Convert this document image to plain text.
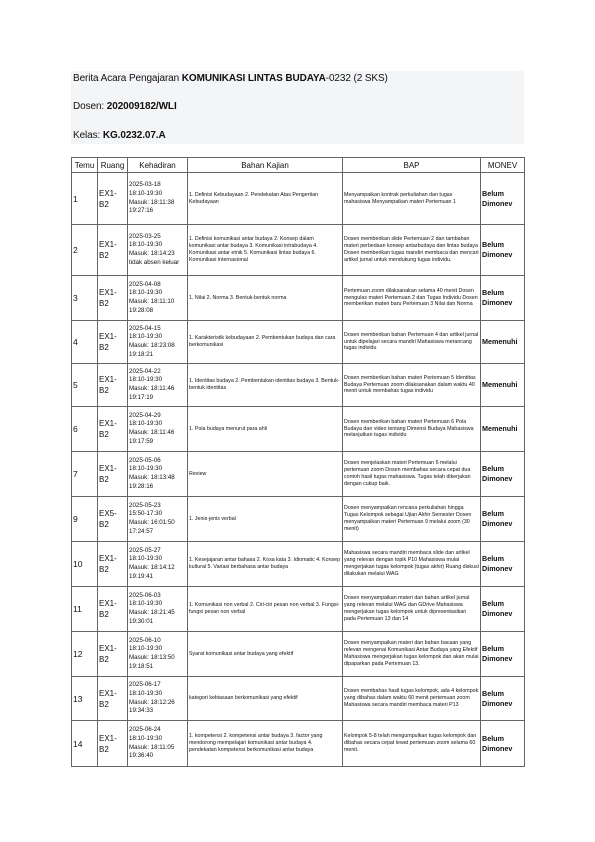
Berita Acara Pengajaran KOMUNIKASI LINTAS BUDAYA-0232 (2 SKS)
Dosen: 202009182/WLI
Kelas: KG.0232.07.A
Temu	Ruang	Kehadiran	Bahan Kajian	BAP	MONEV
1	EX1-B2	2025-03-18
18:10-19:30
Masuk: 18:11:38
19:27:16	1. Definisi Kebudayaan 2. Pendekatan Atas Pengertian Kebudayaan	Menyampaikan kontrak perkuliahan dan tugas mahasiswa Menyampaikan materi Pertemuan 1	Belum Dimonev
2	EX1-B2	2025-03-25
18:10-19:30
Masuk: 18:14:23
tidak absen keluar	1. Definisi komunikasi antar budaya 2. Konsep dalam komunikasi antar budaya 3. Komunikasi intrabudaya 4. Komunikasi antar etnik 5. Komunikasi lintas budaya 6. Komunikasi internasional	Dosen memberikan slide Pertemuan 2 dan tambahan materi perbedaan konsep antarbudaya dan lintas budaya Dosen memberikan tugas mandiri membaca dan mencari artikel jurnal untuk mendukung tugas individu.	Belum Dimonev
3	EX1-B2	2025-04-08
18:10-19:30
Masuk: 18:11:10
19:28:08	1. Nilai 2. Norma 3. Bentuk-bentuk norma	Pertemuan zoom dilaksanakan selama 40 menit Dosen mengulas materi Pertemuan 2 dan Tugas Individu Dosen memberikan materi baru Pertemuan 3 Nilai dan Norma	Belum Dimonev
4	EX1-B2	2025-04-15
18:10-19:30
Masuk: 18:23:08
19:18:21	1. Karakteristik kebudayaan 2. Pembentukan budaya dan cara berkomunikasi	Dosen memberikan bahan Pertemuan 4 dan artikel jurnal untuk dipelajari secara mandiri Mahasiswa merancang tugas individu	Memenuhi
5	EX1-B2	2025-04-22
18:10-19:30
Masuk: 18:11:46
19:17:19	1. Identitas budaya 2. Pembentukan identitas budaya 3. Bentuk-bentuk identitas	Dosen memberikan bahan materi Pertemuan 5 Identitas Budaya Pertemuan zoom dilaksanakan dalam waktu 40 menit untuk membahas tugas individu	Memenuhi
6	EX1-B2	2025-04-29
18:10-19:30
Masuk: 18:11:46
19:17:59	1. Pola budaya menurut para ahli	Dosen memberikan bahan materi Pertemuan 6 Pola Budaya dan video tentang Dimensi Budaya Mahasiswa melanjutkan tugas individu	Memenuhi
7	EX1-B2	2025-05-06
18:10-19:30
Masuk: 18:13:48
19:28:16	Review	Dosen menjelaskan materi Pertemuan 6 melalui pertemuan zoom Dosen membahas secara cepat dua contoh hasil tugas mahasiswa. Tugas telah dikerjakan dengan cukup baik.	Belum Dimonev
9	EX5-B2	2025-05-23
15:50-17:30
Masuk: 16:01:50
17:24:57	1. Jenis-jenis verbal	Dosen menyampaikan rencana perkuliahan hingga Tugas Kelompok sebagai Ujian Akhir Semester Dosen menyampaikan materi Pertemuan 9 melalui zoom (30 menit)	Belum Dimonev
10	EX1-B2	2025-05-27
18:10-19:30
Masuk: 18:14:12
19:19:41	1. Kesejajaran antar bahasa 2. Kosa kata 3. Idiomatic 4. Konsep kultural 5. Variasi berbahasa antar budaya	Mahasiswa secara mandiri membaca slide dan artikel yang relevan dengan topik P10 Mahasiswa mulai mengerjakan tugas kelompok (tugas akhir) Ruang diskusi dilakukan melalui WAG	Belum Dimonev
11	EX1-B2	2025-06-03
18:10-19:30
Masuk: 18:21:45
19:30:01	1. Komunikasi non verbal 2. Ciri-ciri pesan non verbal 3. Fungsi-fungsi pesan non verbal	Dosen menyampaikan materi dan bahan artikel jurnal yang relevan melalui WAG dan GDrive Mahasiswa mengerjakan tugas kelompok untuk dipresentasikan pada Pertemuan 13 dan 14	Belum Dimonev
12	EX1-B2	2025-06-10
18:10-19:30
Masuk: 18:13:50
19:18:51	Syarat komunikasi antar budaya yang efektif	Dosen menyampaikan materi dan bahan bacaan yang relevan mengenai Komunikasi Antar Budaya yang Efektif Mahasiswa mengerjakan tugas kelompok dan akan mulai dipaparkan pada Pertemuan 13.	Belum Dimonev
13	EX1-B2	2025-06-17
18:10-19:30
Masuk: 18:12:26
19:34:33	kategori kebiasaan berkomunikasi yang efektif	Dosen membahas hasil tugas kelompok, ada 4 kelompok yang dibahas dalam waktu 60 menit pertemuan zoom Mahasiswa secara mandiri membaca materi P13	Belum Dimonev
14	EX1-B2	2025-06-24
18:10-19:30
Masuk: 18:11:05
19:36:40	1. kompetensi 2. kompetensi antar budaya 3. factor yang mendorong mempelajari komunikasi antar budaya 4. pendekatan kompetensi berkomunikasi antar budaya	Kelompok 5-8 telah mengumpulkan tugas kelompok dan dibahas secara cepat lewat pertemuan zoom selama 60 menit.	Belum Dimonev
